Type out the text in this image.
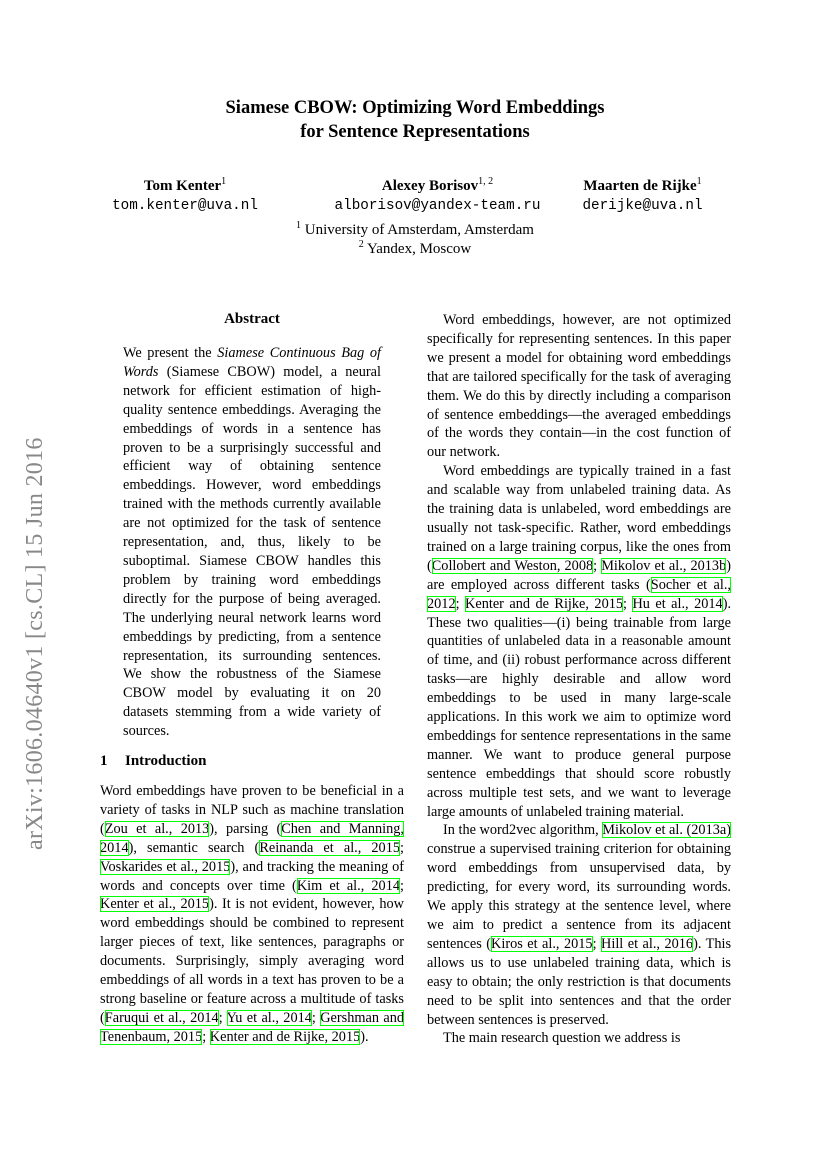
arXiv:1606.04640v1 [cs.CL] 15 Jun 2016
Siamese CBOW: Optimizing Word Embeddings
for Sentence Representations
Tom Kenter$^1$
tom.kenter@uva.nl
Alexey Borisov$^{1, 2}$
alborisov@yandex-team.ru
Maarten de Rijke$^1$
derijke@uva.nl
$^1$ University of Amsterdam, Amsterdam
$^2$ Yandex, Moscow
Abstract

We present the Siamese Continuous Bag of Words (Siamese CBOW) model, a neural network for efficient estimation of high-quality sentence embeddings. Averaging the embeddings of words in a sentence has proven to be a surprisingly successful and efficient way of obtaining sentence embeddings. However, word embeddings trained with the methods currently available are not optimized for the task of sentence representation, and, thus, likely to be suboptimal. Siamese CBOW handles this problem by training word embeddings directly for the purpose of being averaged. The underlying neural network learns word embeddings by predicting, from a sentence representation, its surrounding sentences. We show the robustness of the Siamese CBOW model by evaluating it on 20 datasets stemming from a wide variety of sources.

1 Introduction

Word embeddings have proven to be beneficial in a variety of tasks in NLP such as machine translation (Zou et al., 2013), parsing (Chen and Manning, 2014), semantic search (Reinanda et al., 2015; Voskarides et al., 2015), and tracking the meaning of words and concepts over time (Kim et al., 2014; Kenter et al., 2015). It is not evident, however, how word embeddings should be combined to represent larger pieces of text, like sentences, paragraphs or documents. Surprisingly, simply averaging word embeddings of all words in a text has proven to be a strong baseline or feature across a multitude of tasks (Faruqui et al., 2014; Yu et al., 2014; Gershman and Tenenbaum, 2015; Kenter and de Rijke, 2015).

Word embeddings, however, are not optimized specifically for representing sentences. In this paper we present a model for obtaining word embeddings that are tailored specifically for the task of averaging them. We do this by directly including a comparison of sentence embeddings—the averaged embeddings of the words they contain—in the cost function of our network.

Word embeddings are typically trained in a fast and scalable way from unlabeled training data. As the training data is unlabeled, word embeddings are usually not task-specific. Rather, word embeddings trained on a large training corpus, like the ones from (Collobert and Weston, 2008; Mikolov et al., 2013b) are employed across different tasks (Socher et al., 2012; Kenter and de Rijke, 2015; Hu et al., 2014). These two qualities—(i) being trainable from large quantities of unlabeled data in a reasonable amount of time, and (ii) robust performance across different tasks—are highly desirable and allow word embeddings to be used in many large-scale applications. In this work we aim to optimize word embeddings for sentence representations in the same manner. We want to produce general purpose sentence embeddings that should score robustly across multiple test sets, and we want to leverage large amounts of unlabeled training material.

In the word2vec algorithm, Mikolov et al. (2013a) construe a supervised training criterion for obtaining word embeddings from unsupervised data, by predicting, for every word, its surrounding words. We apply this strategy at the sentence level, where we aim to predict a sentence from its adjacent sentences (Kiros et al., 2015; Hill et al., 2016). This allows us to use unlabeled training data, which is easy to obtain; the only restriction is that documents need to be split into sentences and that the order between sentences is preserved.

The main research question we address is
